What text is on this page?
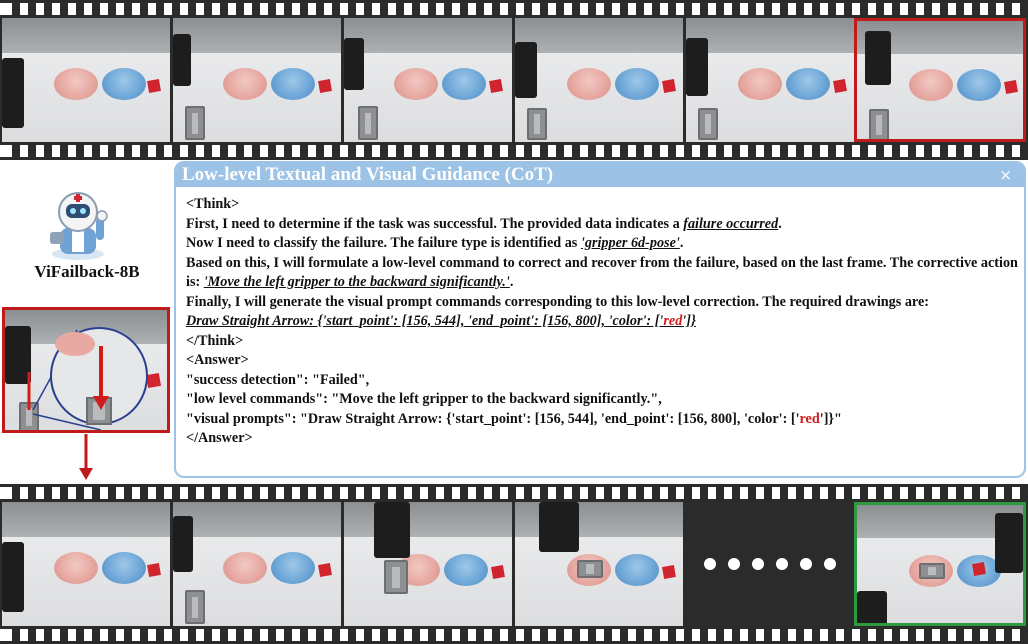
ViFailback-8B
Low-level Textual and Visual Guidance (CoT)	×

<Think>

First, I need to determine if the task was successful. The provided data indicates a failure occurred.

Now I need to classify the failure. The failure type is identified as 'gripper 6d-pose'.

Based on this, I will formulate a low-level command to correct and recover from the failure, based on the last frame. The corrective action is: 'Move the left gripper to the backward significantly.'.

Finally, I will generate the visual prompt commands corresponding to this low-level correction. The required drawings are:

Draw Straight Arrow: {'start_point': [156, 544], 'end_point': [156, 800], 'color': ['red']}

</Think>

<Answer>

"success detection": "Failed",

"low level commands": "Move the left gripper to the backward significantly.",

"visual prompts": "Draw Straight Arrow: {'start_point': [156, 544], 'end_point': [156, 800], 'color': ['red']}"

</Answer>
